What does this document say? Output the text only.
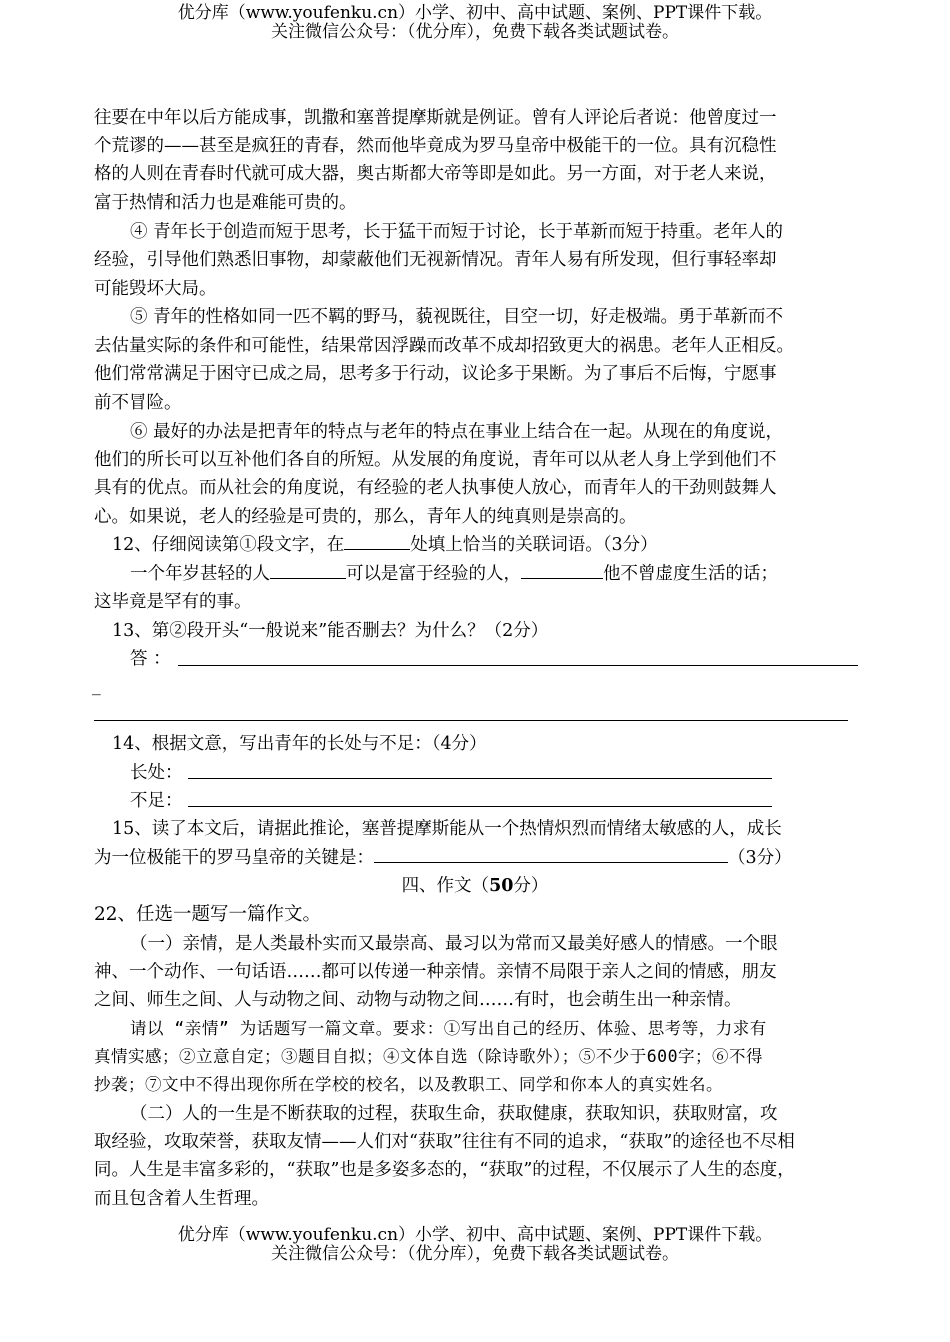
优分库（www.youfenku.cn）小学、初中、高中试题、案例、PPT课件下载。
关注微信公众号：（优分库），免费下载各类试题试卷。
往要在中年以后方能成事，凯撒和塞普提摩斯就是例证。曾有人评论后者说：他曾度过一
个荒谬的——甚至是疯狂的青春，然而他毕竟成为罗马皇帝中极能干的一位。具有沉稳性
格的人则在青春时代就可成大器，奥古斯都大帝等即是如此。另一方面，对于老人来说，
富于热情和活力也是难能可贵的。
④ 青年长于创造而短于思考，长于猛干而短于讨论，长于革新而短于持重。老年人的
经验，引导他们熟悉旧事物，却蒙蔽他们无视新情况。青年人易有所发现，但行事轻率却
可能毁坏大局。
⑤ 青年的性格如同一匹不羁的野马，藐视既往，目空一切，好走极端。勇于革新而不
去估量实际的条件和可能性，结果常因浮躁而改革不成却招致更大的祸患。老年人正相反。
他们常常满足于困守已成之局，思考多于行动，议论多于果断。为了事后不后悔，宁愿事
前不冒险。
⑥ 最好的办法是把青年的特点与老年的特点在事业上结合在一起。从现在的角度说，
他们的所长可以互补他们各自的所短。从发展的角度说，青年可以从老人身上学到他们不
具有的优点。而从社会的角度说，有经验的老人执事使人放心，而青年人的干劲则鼓舞人
心。如果说，老人的经验是可贵的，那么，青年人的纯真则是崇高的。
12、仔细阅读第①段文字，在	处填上恰当的关联词语。（3分）
一个年岁甚轻的人	可以是富于经验的人，	他不曾虚度生活的话；
这毕竟是罕有的事。
13、第②段开头“一般说来”能否删去？为什么？（2分）
答 ：
_
14、根据文意，写出青年的长处与不足：（4分）
长处：
不足：
15、读了本文后，请据此推论，塞普提摩斯能从一个热情炽烈而情绪太敏感的人，成长
为一位极能干的罗马皇帝的关键是：	（3分）
四、作文（50分）
22、任选一题写一篇作文。
（一）亲情，是人类最朴实而又最崇高、最习以为常而又最美好感人的情感。一个眼
神、一个动作、一句话语……都可以传递一种亲情。亲情不局限于亲人之间的情感，朋友
之间、师生之间、人与动物之间、动物与动物之间……有时，也会萌生出一种亲情。
请以 “亲情” 为话题写一篇文章。要求：①写出自己的经历、体验、思考等，力求有
真情实感；②立意自定；③题目自拟；④文体自选（除诗歌外）；⑤不少于600字；⑥不得
抄袭；⑦文中不得出现你所在学校的校名，以及教职工、同学和你本人的真实姓名。
（二）人的一生是不断获取的过程，获取生命，获取健康，获取知识，获取财富，攻
取经验，攻取荣誉，获取友情——人们对“获取”往往有不同的追求，“获取”的途径也不尽相
同。人生是丰富多彩的，“获取”也是多姿多态的，“获取”的过程，不仅展示了人生的态度，
而且包含着人生哲理。
优分库（www.youfenku.cn）小学、初中、高中试题、案例、PPT课件下载。
关注微信公众号：（优分库），免费下载各类试题试卷。
